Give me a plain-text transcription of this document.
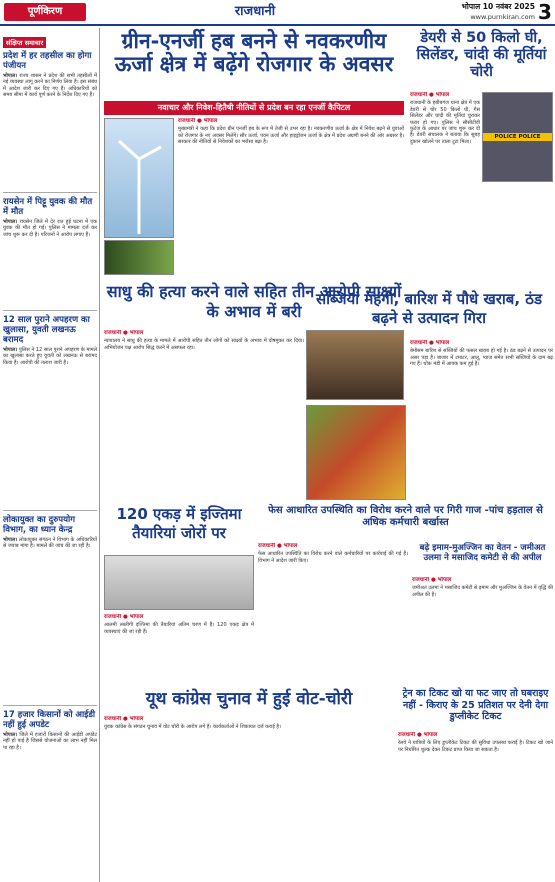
पूर्णकिरण	राजधानी	भोपाल 10 नवंबर 2025
www.purnkiran.com 3
संक्षिप्त समाचार
प्रदेश में हर तहसील का होगा पंजीयन
भोपाल। राज्य शासन ने प्रदेश की सभी तहसीलों में नई व्यवस्था लागू करने का निर्णय लिया है। इस संबंध में आदेश जारी कर दिए गए हैं। अधिकारियों को समय सीमा में कार्य पूर्ण करने के निर्देश दिए गए हैं।
रायसेन में पिट्टू युवक की मौत में मौत
भोपाल। रायसेन जिले में देर रात हुई घटना में एक युवक की मौत हो गई। पुलिस ने मामला दर्ज कर जांच शुरू कर दी है। परिजनों ने आरोप लगाए हैं।
12 साल पुराने अपहरण का खुलासा, युवती लखनऊ बरामद
भोपाल। पुलिस ने 12 साल पुराने अपहरण के मामले का खुलासा करते हुए युवती को लखनऊ से बरामद किया है। आरोपी की तलाश जारी है।
लोकायुक्त का दुरुपयोग विभाग, का ध्यान केन्द्र
भोपाल। लोकायुक्त संगठन ने विभाग के अधिकारियों से जवाब मांगा है। मामले की जांच की जा रही है।
17 हजार किसानों को आईडी नहीं हुई अपडेट
भोपाल। जिले में हजारों किसानों की आईडी अपडेट नहीं हो पाई है जिससे योजनाओं का लाभ नहीं मिल पा रहा है।
ग्रीन-एनर्जी हब बनने से नवकरणीय ऊर्जा क्षेत्र में बढ़ेंगे रोजगार के अवसर
नवाचार और निवेश-हितैषी नीतियों से प्रदेश बन रहा एनर्जी कैपिटल
राजधानी ● भोपाल
मुख्यमंत्री ने कहा कि प्रदेश ग्रीन एनर्जी हब के रूप में तेजी से उभर रहा है। नवकरणीय ऊर्जा के क्षेत्र में निवेश बढ़ने से युवाओं को रोजगार के नए अवसर मिलेंगे। सौर ऊर्जा, पवन ऊर्जा और हाइड्रोजन ऊर्जा के क्षेत्र में प्रदेश अग्रणी बनने की ओर अग्रसर है। सरकार की नीतियों से निवेशकों का भरोसा बढ़ा है।
डेयरी से 50 किलो घी, सिलेंडर, चांदी की मूर्तियां चोरी
राजधानी ● भोपाल
राजधानी के हबीबगंज थाना क्षेत्र में एक डेयरी से चोर 50 किलो घी, गैस सिलेंडर और चांदी की मूर्तियां चुराकर फरार हो गए। पुलिस ने सीसीटीवी फुटेज के आधार पर जांच शुरू कर दी है। डेयरी संचालक ने बताया कि सुबह दुकान खोलने पर ताला टूटा मिला।
POLICE POLICE
साधु की हत्या करने वाले सहित तीन आरोपी साक्ष्यों के अभाव में बरी
राजधानी ● भोपाल
न्यायालय ने साधु की हत्या के मामले में आरोपी सहित तीन लोगों को साक्ष्यों के अभाव में दोषमुक्त कर दिया। अभियोजन पक्ष आरोप सिद्ध करने में असफल रहा।
सब्जियां महंगी, बारिश में पौधे खराब, ठंड बढ़ने से उत्पादन गिरा
राजधानी ● भोपाल
बेमौसम बारिश से सब्जियों की फसल खराब हो गई है। ठंड बढ़ने से उत्पादन पर असर पड़ा है। बाजार में टमाटर, आलू, प्याज समेत सभी सब्जियों के दाम बढ़ गए हैं। थोक मंडी में आवक कम हुई है।
120 एकड़ में इज्तिमा तैयारियां जोरों पर
राजधानी ● भोपाल
आलमी तब्लीगी इज्तिमा की तैयारियां अंतिम चरण में हैं। 120 एकड़ क्षेत्र में व्यवस्थाएं की जा रही हैं।
फेस आधारित उपस्थिति का विरोध करने वाले पर गिरी गाज -पांच हड़ताल से अधिक कर्मचारी बर्खास्त
राजधानी ● भोपाल
फेस आधारित उपस्थिति का विरोध करने वाले कर्मचारियों पर कार्रवाई की गई है। विभाग ने आदेश जारी किए।
बढ़े इमाम-मुअज्जिन का वेतन - जमीअत उलमा ने मसाजिद कमेटी से की अपील
राजधानी ● भोपाल
जमीअत उलमा ने मसाजिद कमेटी से इमाम और मुअज्जिन के वेतन में वृद्धि की अपील की है।
यूथ कांग्रेस चुनाव में हुई वोट-चोरी
राजधानी ● भोपाल
युवक कांग्रेस के संगठन चुनाव में वोट चोरी के आरोप लगे हैं। कार्यकर्ताओं ने शिकायत दर्ज कराई है।
ट्रेन का टिकट खो या फट जाए तो घबराइए नहीं - किराए के 25 प्रतिशत पर देनी देगा डुप्लीकेट टिकट
राजधानी ● भोपाल
रेलवे ने यात्रियों के लिए डुप्लीकेट टिकट की सुविधा उपलब्ध कराई है। टिकट खो जाने पर निर्धारित शुल्क देकर टिकट प्राप्त किया जा सकता है।
